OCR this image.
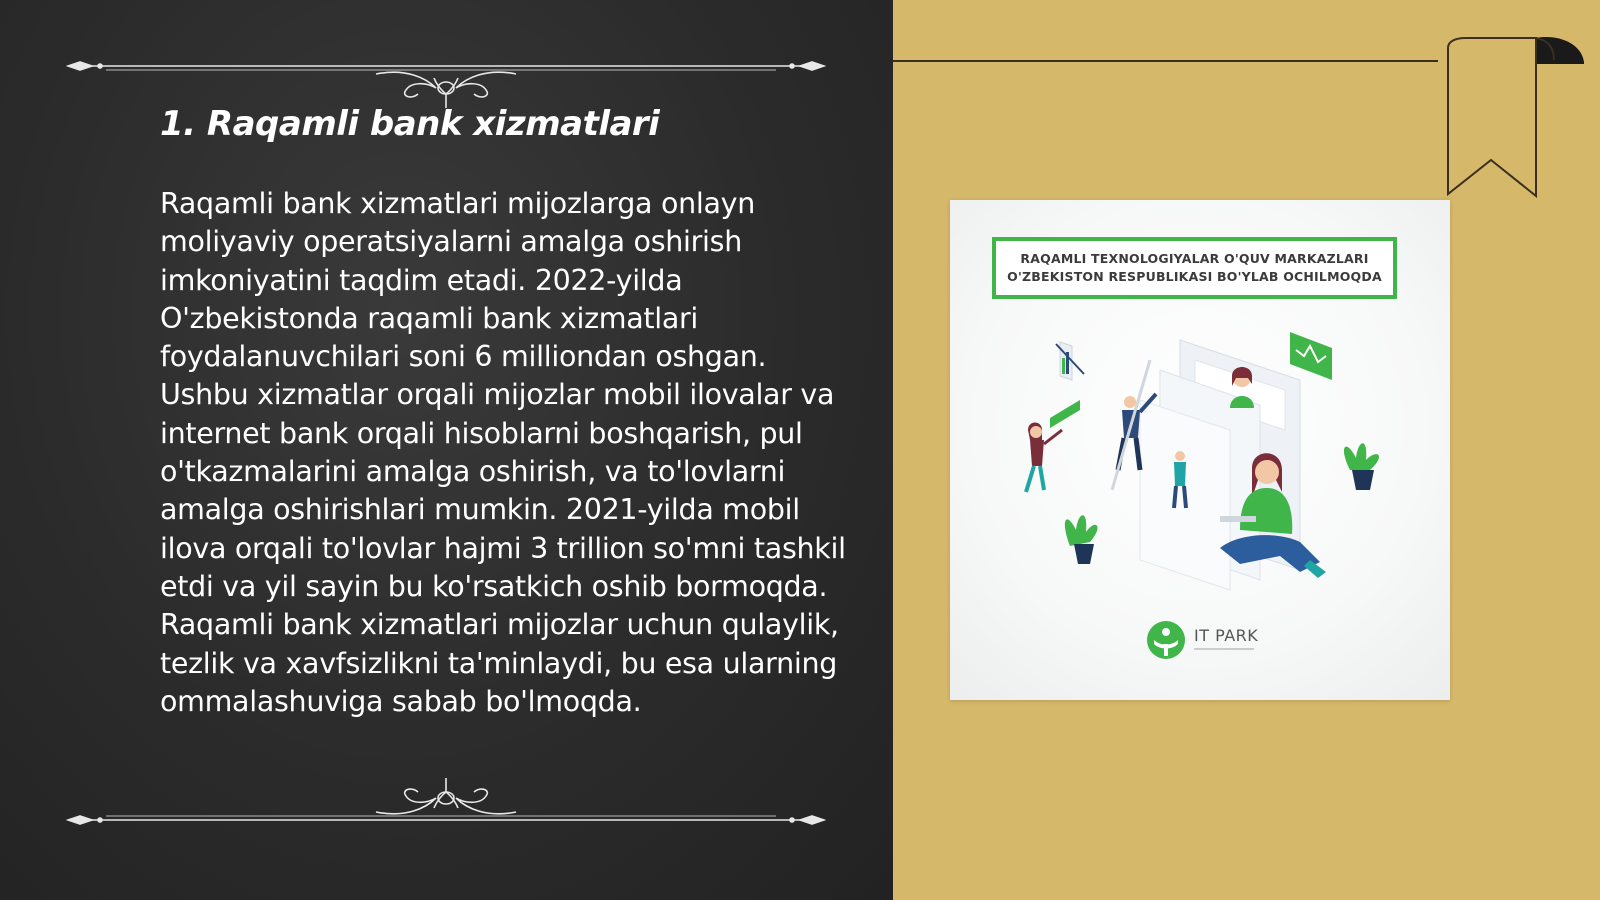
1. Raqamli bank xizmatlari

Raqamli bank xizmatlari mijozlarga onlayn moliyaviy operatsiyalarni amalga oshirish imkoniyatini taqdim etadi. 2022-yilda O'zbekistonda raqamli bank xizmatlari foydalanuvchilari soni 6 milliondan oshgan. Ushbu xizmatlar orqali mijozlar mobil ilovalar va internet bank orqali hisoblarni boshqarish, pul o'tkazmalarini amalga oshirish, va to'lovlarni amalga oshirishlari mumkin. 2021-yilda mobil ilova orqali to'lovlar hajmi 3 trillion so'mni tashkil etdi va yil sayin bu ko'rsatkich oshib bormoqda. Raqamli bank xizmatlari mijozlar uchun qulaylik, tezlik va xavfsizlikni ta'minlaydi, bu esa ularning ommalashuviga sabab bo'lmoqda.

RAQAMLI TEXNOLOGIYALAR O'QUV MARKAZLARI
O'ZBEKISTON RESPUBLIKASI BO'YLAB OCHILMOQDA
IT PARK
